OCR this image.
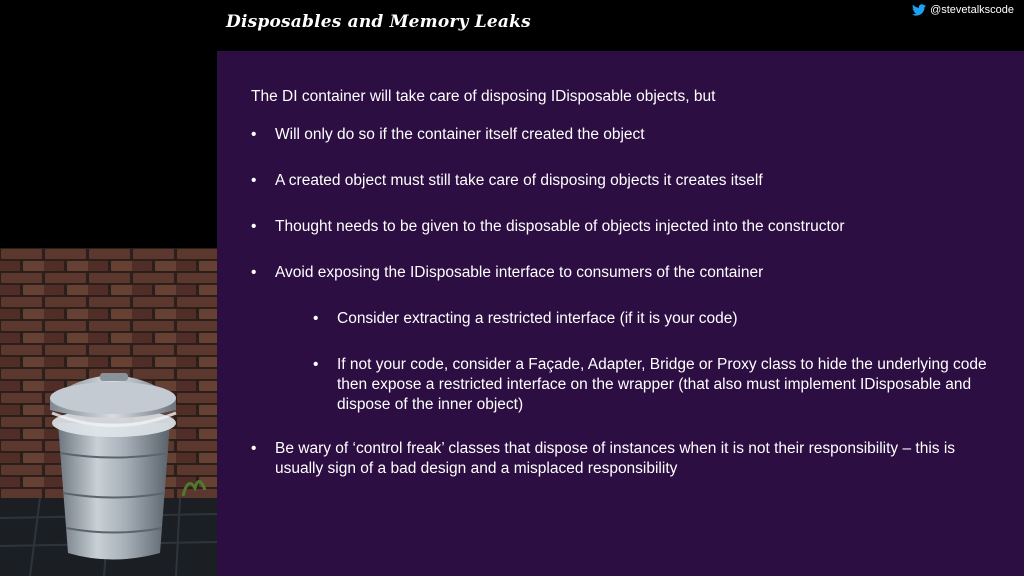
Disposables and Memory Leaks
@stevetalkscode

The DI container will take care of disposing IDisposable objects, but

• Will only do so if the container itself created the object
• A created object must still take care of disposing objects it creates itself
• Thought needs to be given to the disposable of objects injected into the constructor
• Avoid exposing the IDisposable interface to consumers of the container
• Consider extracting a restricted interface (if it is your code)
• If not your code, consider a Façade, Adapter, Bridge or Proxy class to hide the underlying code then expose a restricted interface on the wrapper (that also must implement IDisposable and dispose of the inner object)
• Be wary of ‘control freak’ classes that dispose of instances when it is not their responsibility – this is usually sign of a bad design and a misplaced responsibility
